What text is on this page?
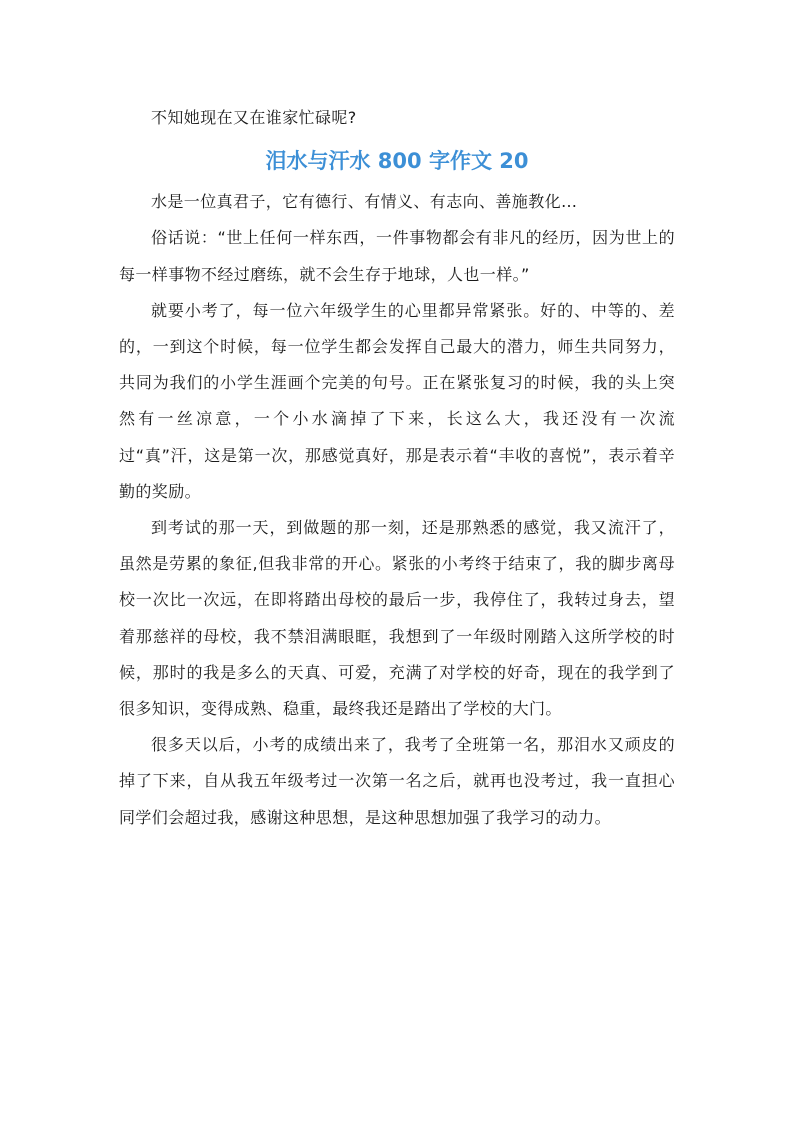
不知她现在又在谁家忙碌呢?

泪水与汗水 800 字作文 20

水是一位真君子，它有德行、有情义、有志向、善施教化…

俗话说：“世上任何一样东西，一件事物都会有非凡的经历，因为世上的每一样事物不经过磨练，就不会生存于地球，人也一样。”

就要小考了，每一位六年级学生的心里都异常紧张。好的、中等的、差的，一到这个时候，每一位学生都会发挥自己最大的潜力，师生共同努力，共同为我们的小学生涯画个完美的句号。正在紧张复习的时候，我的头上突然有一丝凉意，一个小水滴掉了下来，长这么大，我还没有一次流过“真”汗，这是第一次，那感觉真好，那是表示着“丰收的喜悦”，表示着辛勤的奖励。

到考试的那一天，到做题的那一刻，还是那熟悉的感觉，我又流汗了，虽然是劳累的象征,但我非常的开心。紧张的小考终于结束了，我的脚步离母校一次比一次远，在即将踏出母校的最后一步，我停住了，我转过身去，望着那慈祥的母校，我不禁泪满眼眶，我想到了一年级时刚踏入这所学校的时候，那时的我是多么的天真、可爱，充满了对学校的好奇，现在的我学到了很多知识，变得成熟、稳重，最终我还是踏出了学校的大门。

很多天以后，小考的成绩出来了，我考了全班第一名，那泪水又顽皮的掉了下来，自从我五年级考过一次第一名之后，就再也没考过，我一直担心同学们会超过我，感谢这种思想，是这种思想加强了我学习的动力。
